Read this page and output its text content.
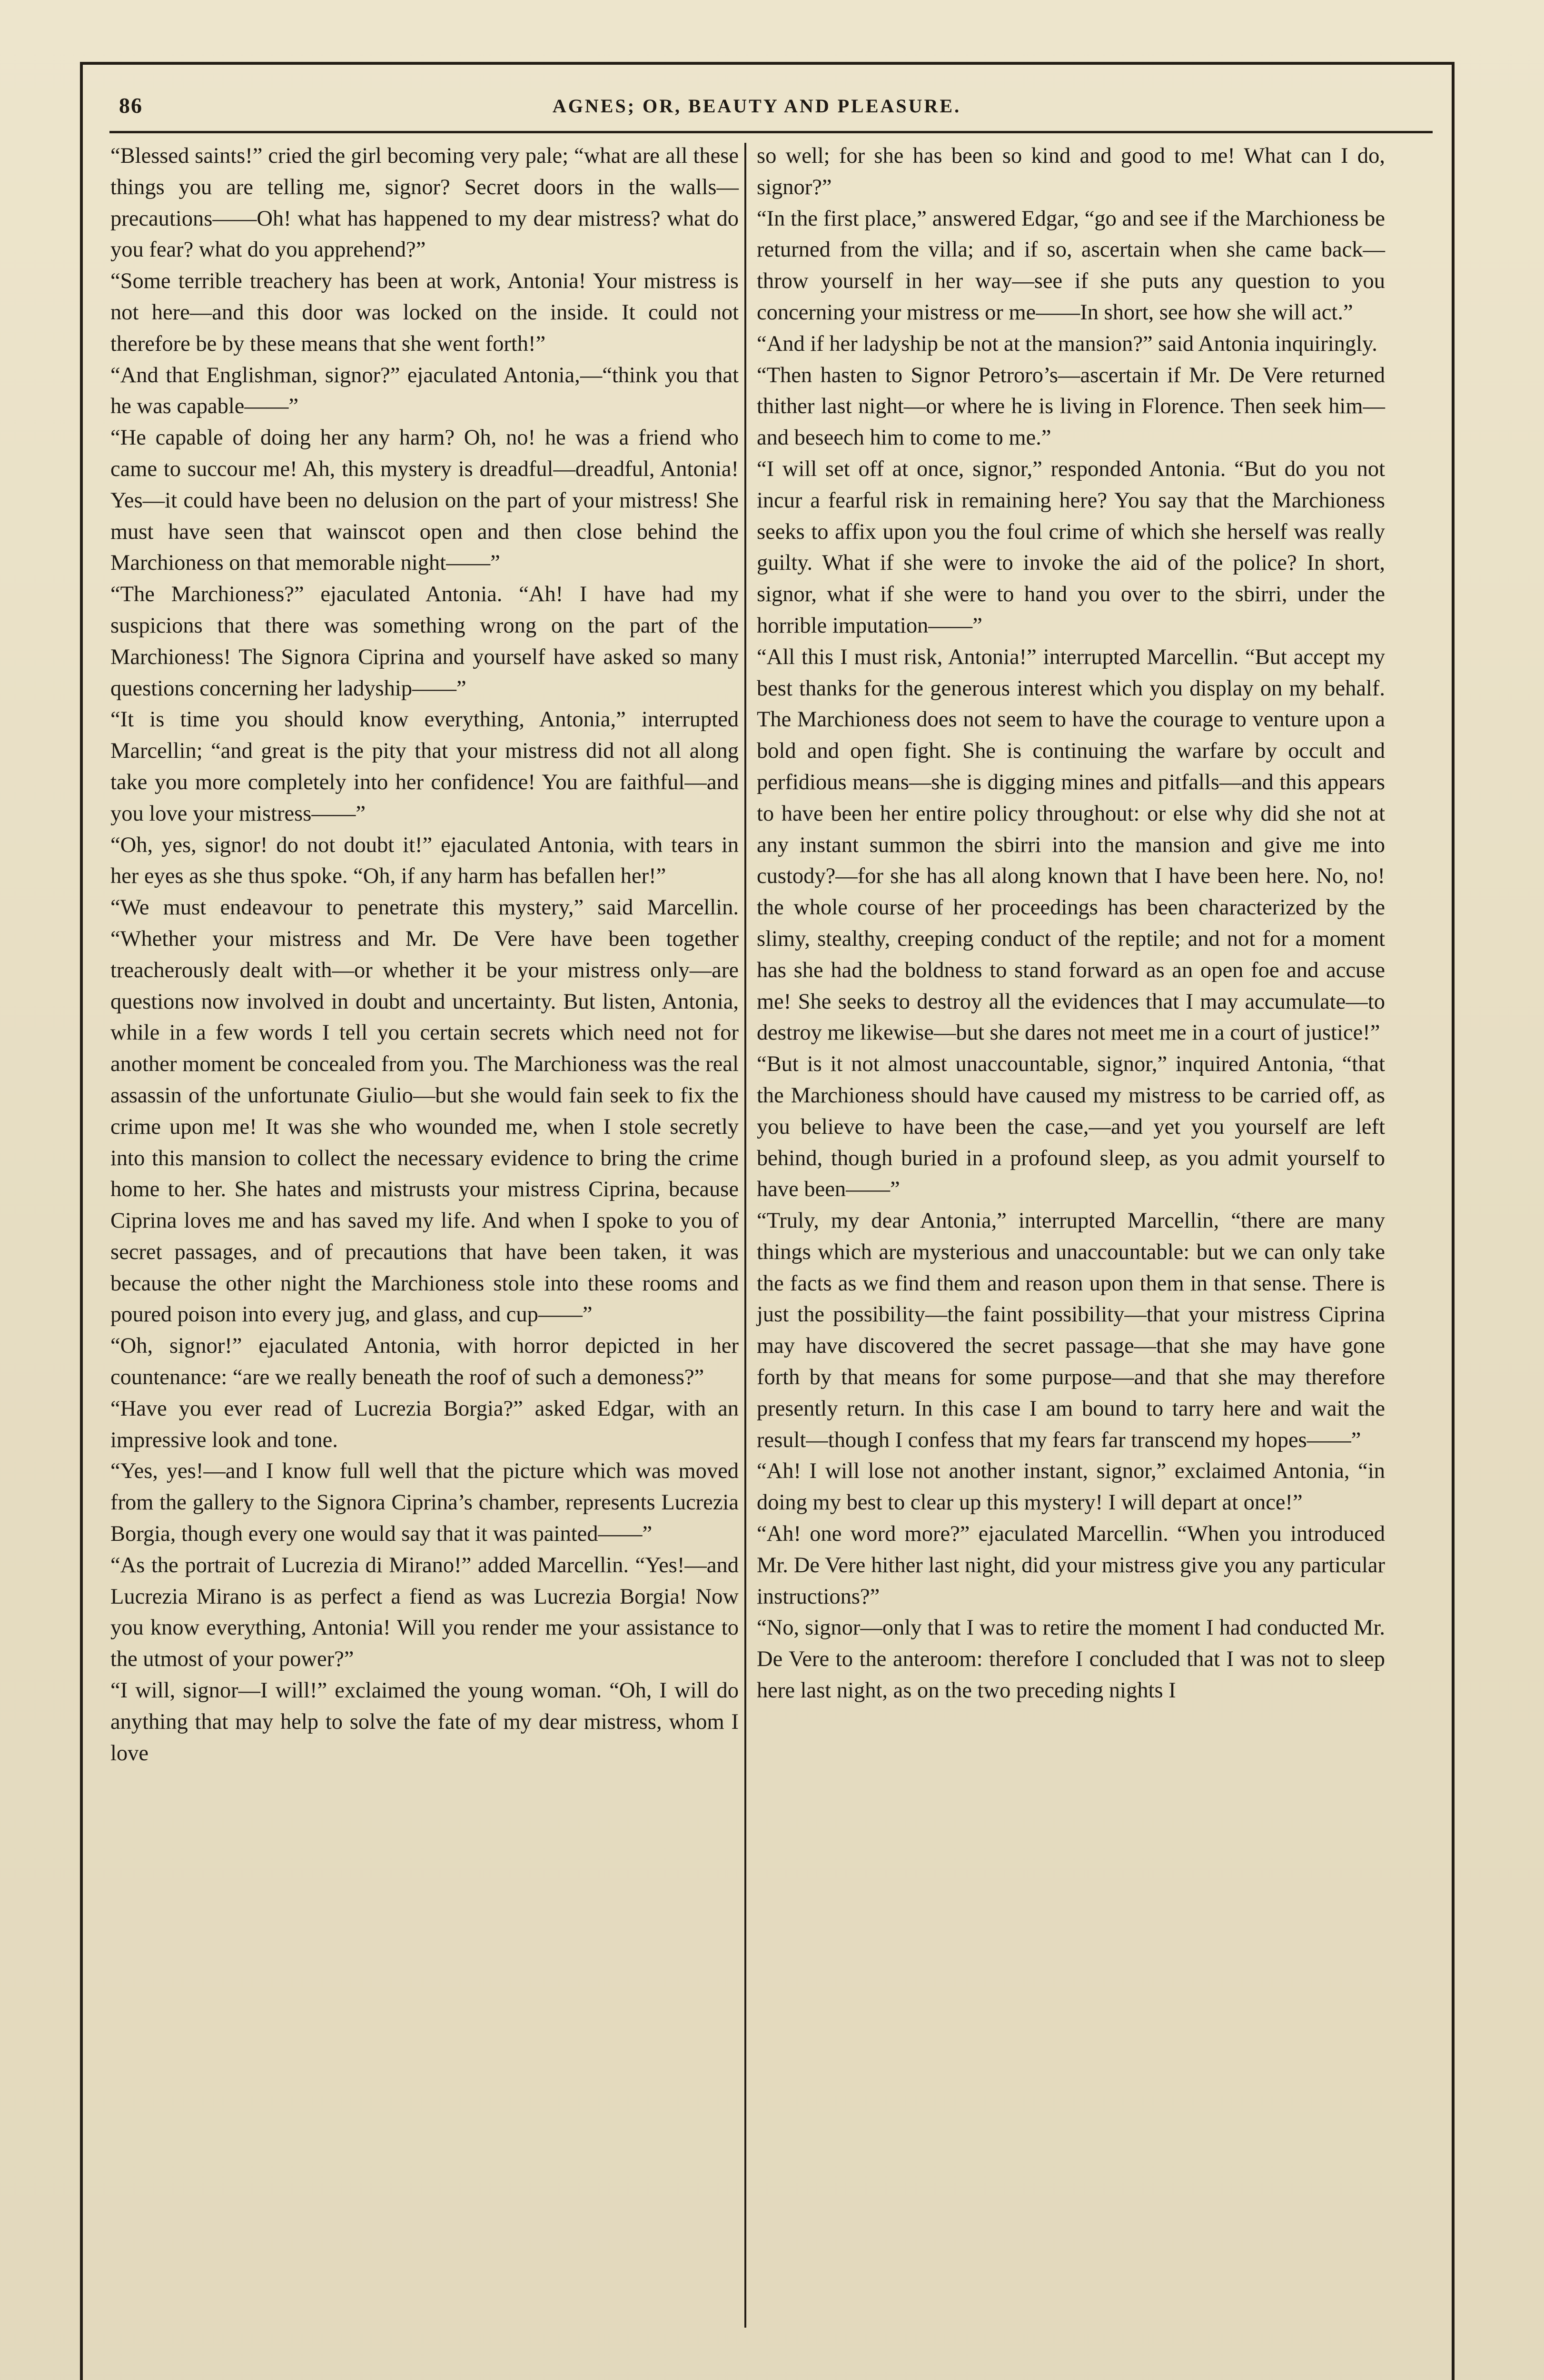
86	AGNES; OR, BEAUTY AND PLEASURE.

“Blessed saints!” cried the girl becoming very pale; “what are all these things you are telling me, signor? Secret doors in the walls—precautions——Oh! what has happened to my dear mistress? what do you fear? what do you apprehend?”

“Some terrible treachery has been at work, Antonia! Your mistress is not here—and this door was locked on the inside. It could not therefore be by these means that she went forth!”

“And that Englishman, signor?” ejaculated Antonia,—“think you that he was capable——”

“He capable of doing her any harm? Oh, no! he was a friend who came to succour me! Ah, this mystery is dreadful—dreadful, Antonia! Yes—it could have been no delusion on the part of your mistress! She must have seen that wainscot open and then close behind the Marchioness on that memorable night——”

“The Marchioness?” ejaculated Antonia. “Ah! I have had my suspicions that there was something wrong on the part of the Marchioness! The Signora Ciprina and yourself have asked so many questions concerning her ladyship——”

“It is time you should know everything, Antonia,” interrupted Marcellin; “and great is the pity that your mistress did not all along take you more completely into her confidence! You are faithful—and you love your mistress——”

“Oh, yes, signor! do not doubt it!” ejaculated Antonia, with tears in her eyes as she thus spoke. “Oh, if any harm has befallen her!”

“We must endeavour to penetrate this mystery,” said Marcellin. “Whether your mistress and Mr. De Vere have been together treacherously dealt with—or whether it be your mistress only—are questions now involved in doubt and uncertainty. But listen, Antonia, while in a few words I tell you certain secrets which need not for another moment be concealed from you. The Marchioness was the real assassin of the unfortunate Giulio—but she would fain seek to fix the crime upon me! It was she who wounded me, when I stole secretly into this mansion to collect the necessary evidence to bring the crime home to her. She hates and mistrusts your mistress Ciprina, because Ciprina loves me and has saved my life. And when I spoke to you of secret passages, and of precautions that have been taken, it was because the other night the Marchioness stole into these rooms and poured poison into every jug, and glass, and cup——”

“Oh, signor!” ejaculated Antonia, with horror depicted in her countenance: “are we really beneath the roof of such a demoness?”

“Have you ever read of Lucrezia Borgia?” asked Edgar, with an impressive look and tone.

“Yes, yes!—and I know full well that the picture which was moved from the gallery to the Signora Ciprina’s chamber, represents Lucrezia Borgia, though every one would say that it was painted——”

“As the portrait of Lucrezia di Mirano!” added Marcellin. “Yes!—and Lucrezia Mirano is as perfect a fiend as was Lucrezia Borgia! Now you know everything, Antonia! Will you render me your assistance to the utmost of your power?”

“I will, signor—I will!” exclaimed the young woman. “Oh, I will do anything that may help to solve the fate of my dear mistress, whom I love

so well; for she has been so kind and good to me! What can I do, signor?”

“In the first place,” answered Edgar, “go and see if the Marchioness be returned from the villa; and if so, ascertain when she came back—throw yourself in her way—see if she puts any question to you concerning your mistress or me——In short, see how she will act.”

“And if her ladyship be not at the mansion?” said Antonia inquiringly.

“Then hasten to Signor Petroro’s—ascertain if Mr. De Vere returned thither last night—or where he is living in Florence. Then seek him—and beseech him to come to me.”

“I will set off at once, signor,” responded Antonia. “But do you not incur a fearful risk in remaining here? You say that the Marchioness seeks to affix upon you the foul crime of which she herself was really guilty. What if she were to invoke the aid of the police? In short, signor, what if she were to hand you over to the sbirri, under the horrible imputation——”

“All this I must risk, Antonia!” interrupted Marcellin. “But accept my best thanks for the generous interest which you display on my behalf. The Marchioness does not seem to have the courage to venture upon a bold and open fight. She is continuing the warfare by occult and perfidious means—she is digging mines and pitfalls—and this appears to have been her entire policy throughout: or else why did she not at any instant summon the sbirri into the mansion and give me into custody?—for she has all along known that I have been here. No, no! the whole course of her proceedings has been characterized by the slimy, stealthy, creeping conduct of the reptile; and not for a moment has she had the boldness to stand forward as an open foe and accuse me! She seeks to destroy all the evidences that I may accumulate—to destroy me likewise—but she dares not meet me in a court of justice!”

“But is it not almost unaccountable, signor,” inquired Antonia, “that the Marchioness should have caused my mistress to be carried off, as you believe to have been the case,—and yet you yourself are left behind, though buried in a profound sleep, as you admit yourself to have been——”

“Truly, my dear Antonia,” interrupted Marcellin, “there are many things which are mysterious and unaccountable: but we can only take the facts as we find them and reason upon them in that sense. There is just the possibility—the faint possibility—that your mistress Ciprina may have discovered the secret passage—that she may have gone forth by that means for some purpose—and that she may therefore presently return. In this case I am bound to tarry here and wait the result—though I confess that my fears far transcend my hopes——”

“Ah! I will lose not another instant, signor,” exclaimed Antonia, “in doing my best to clear up this mystery! I will depart at once!”

“Ah! one word more?” ejaculated Marcellin. “When you introduced Mr. De Vere hither last night, did your mistress give you any particular instructions?”

“No, signor—only that I was to retire the moment I had conducted Mr. De Vere to the anteroom: therefore I concluded that I was not to sleep here last night, as on the two preceding nights I
